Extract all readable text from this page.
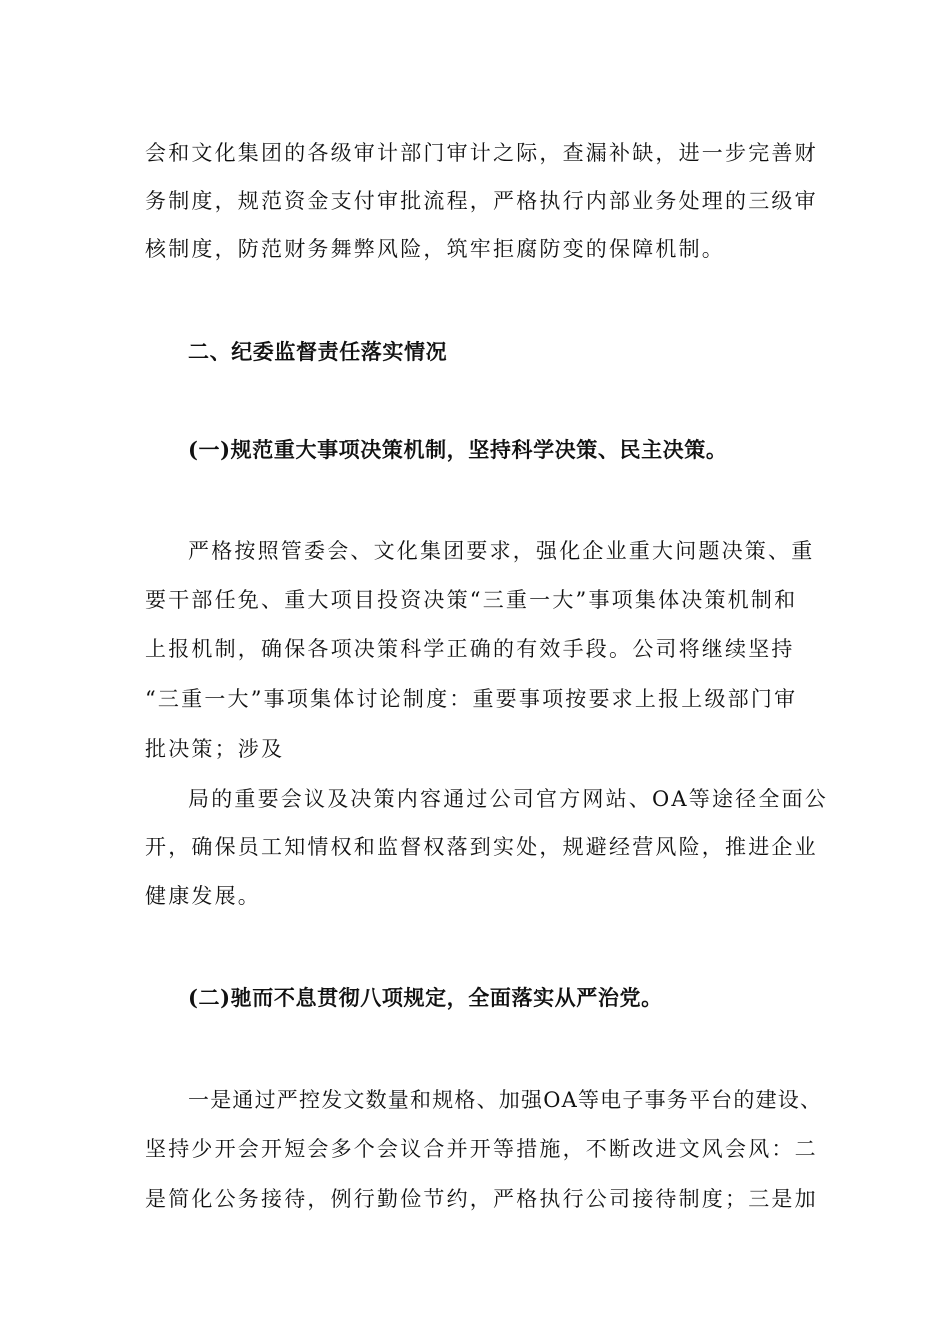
会和文化集团的各级审计部门审计之际，查漏补缺，进一步完善财
务制度，规范资金支付审批流程，严格执行内部业务处理的三级审
核制度，防范财务舞弊风险，筑牢拒腐防变的保障机制。
二、纪委监督责任落实情况
(一)规范重大事项决策机制，坚持科学决策、民主决策。
严格按照管委会、文化集团要求，强化企业重大问题决策、重
要干部任免、重大项目投资决策“三重一大”事项集体决策机制和
上报机制，确保各项决策科学正确的有效手段。公司将继续坚持
“三重一大”事项集体讨论制度：重要事项按要求上报上级部门审
批决策；涉及
局的重要会议及决策内容通过公司官方网站、OA等途径全面公
开，确保员工知情权和监督权落到实处，规避经营风险，推进企业
健康发展。
(二)驰而不息贯彻八项规定，全面落实从严治党。
一是通过严控发文数量和规格、加强OA等电子事务平台的建设、
坚持少开会开短会多个会议合并开等措施，不断改进文风会风：二
是简化公务接待，例行勤俭节约，严格执行公司接待制度；三是加
